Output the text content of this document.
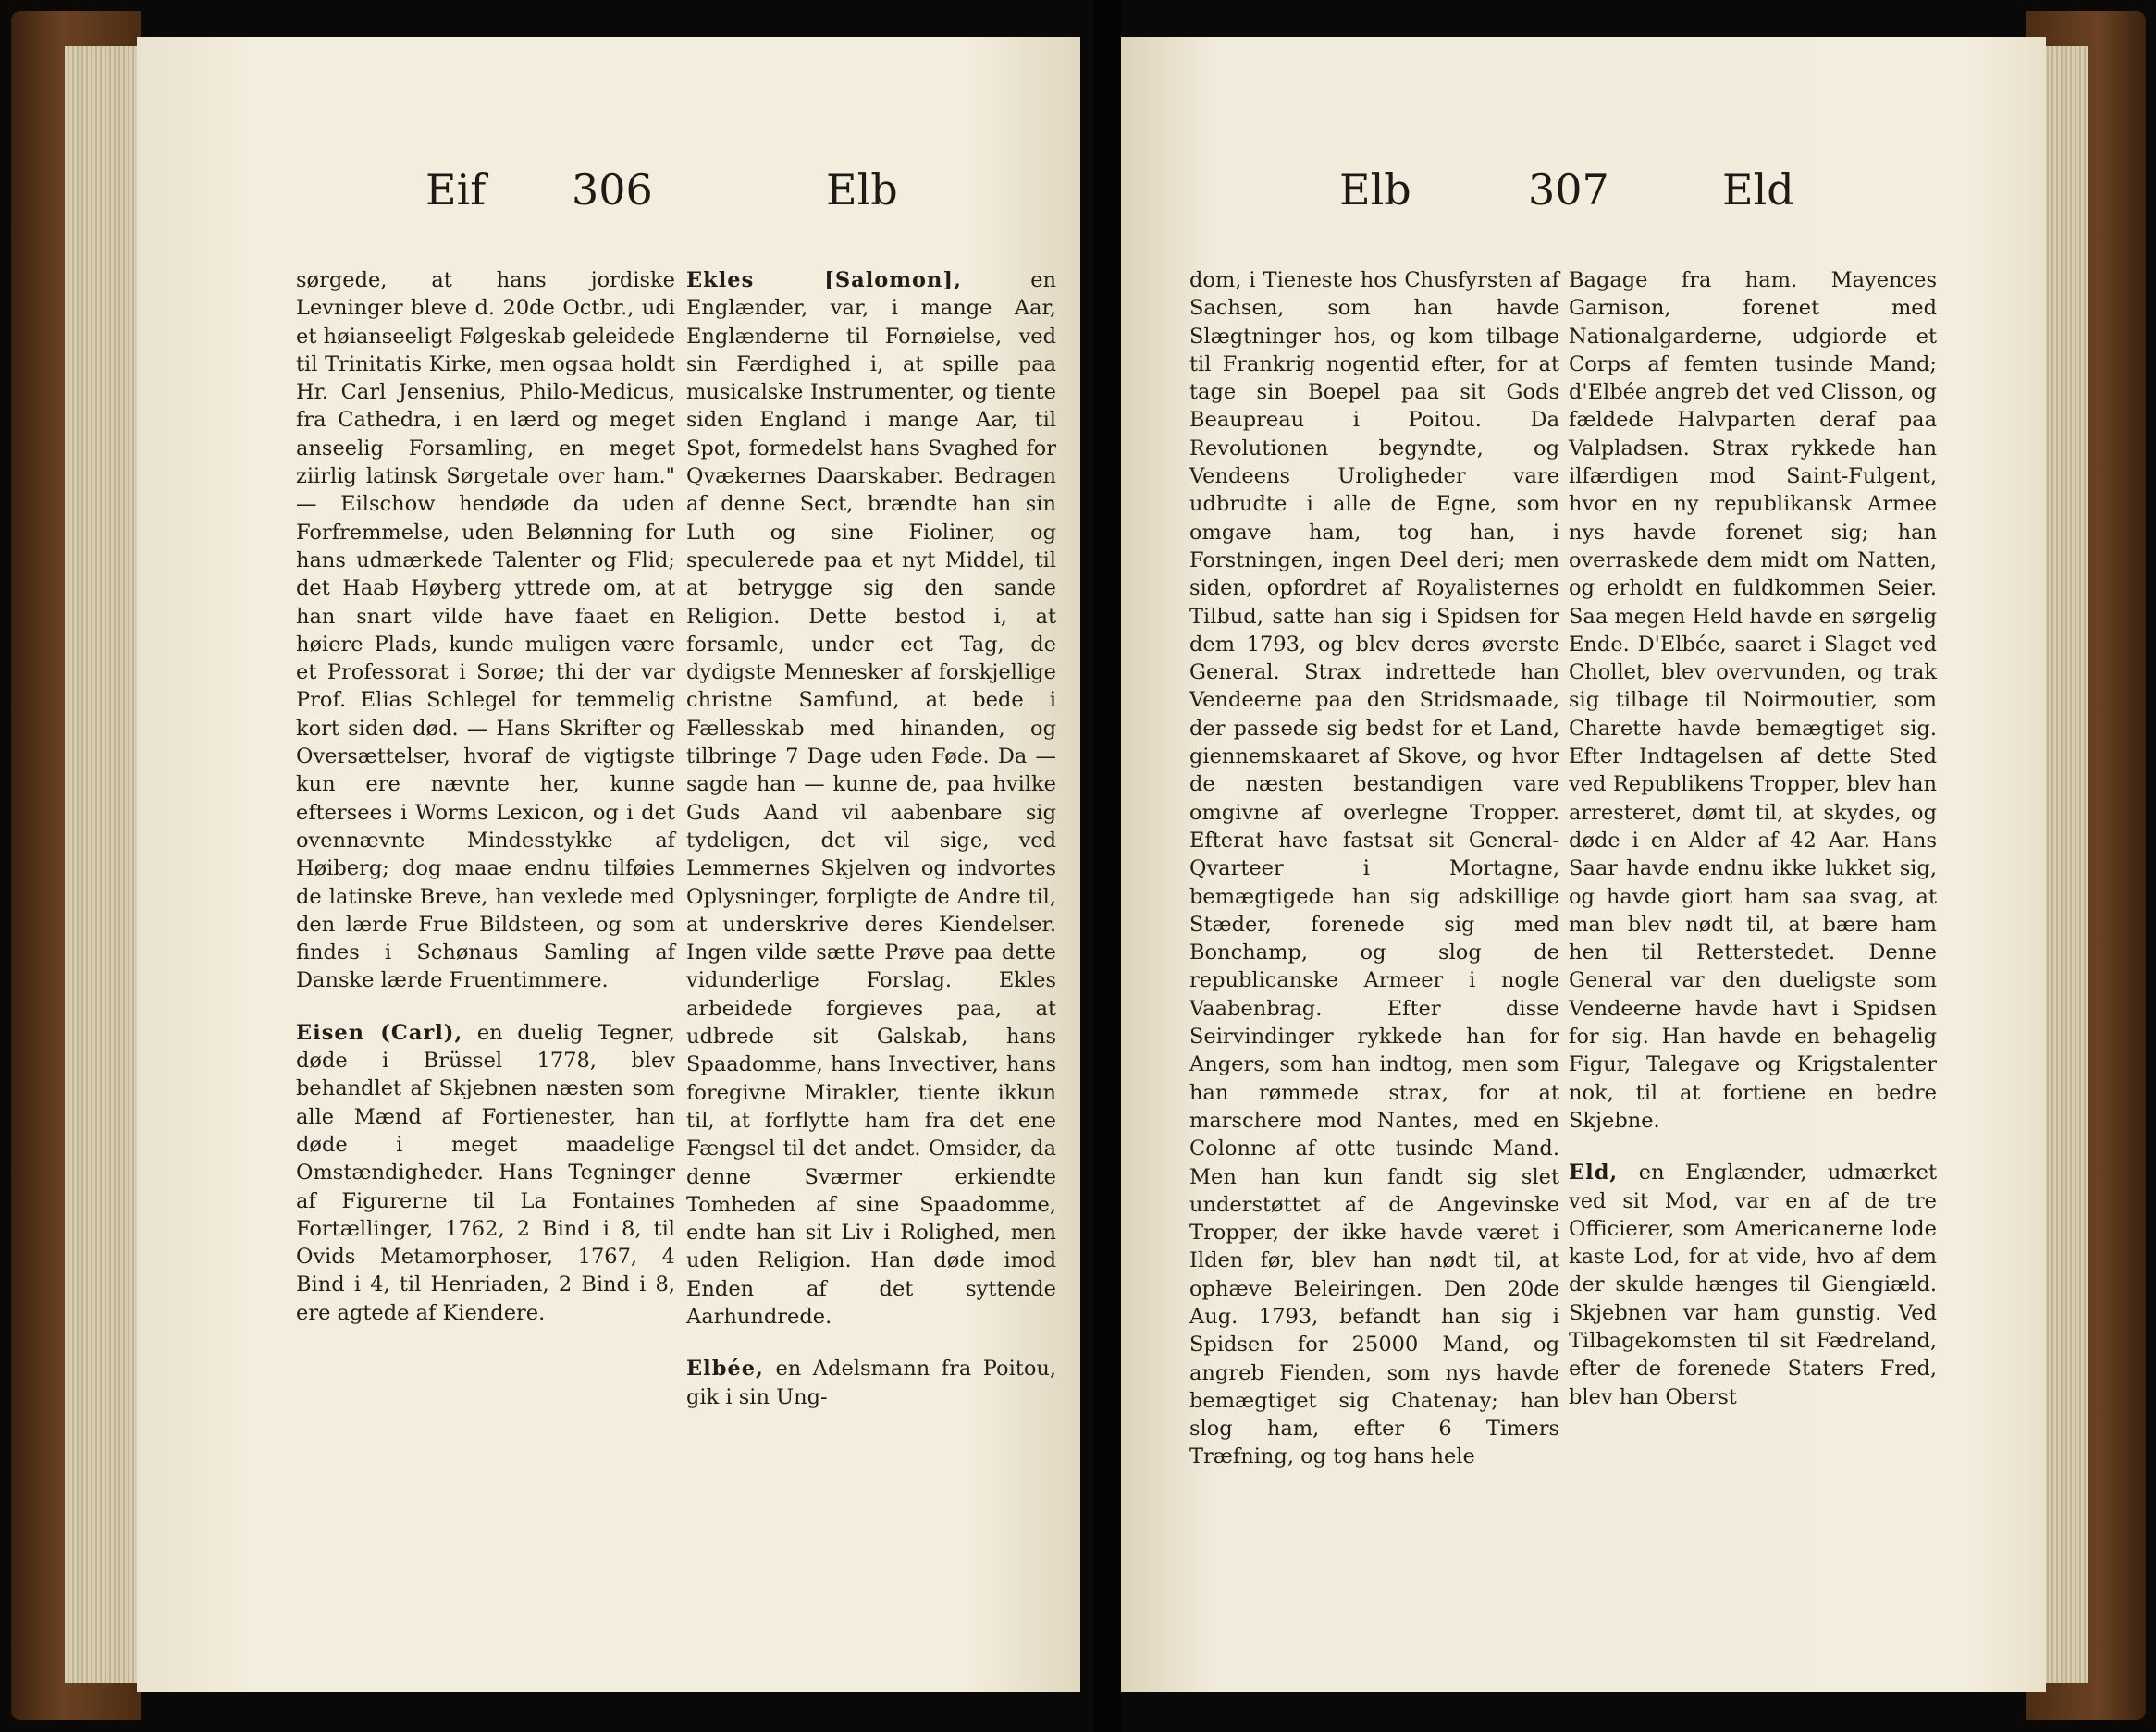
Eif 306	Elb

sørgede, at hans jordiske Levninger bleve d. 20de Octbr., udi et høianseeligt Følgeskab geleidede til Trinitatis Kirke, men ogsaa holdt Hr. Carl Jensenius, Philo-Medicus, fra Cathedra, i en lærd og meget anseelig Forsamling, en meget ziirlig latinsk Sørgetale over ham." — Eilschow hendøde da uden Forfremmelse, uden Belønning for hans udmærkede Talenter og Flid; det Haab Høyberg yttrede om, at han snart vilde have faaet en høiere Plads, kunde muligen være et Professorat i Sorøe; thi der var Prof. Elias Schlegel for temmelig kort siden død. — Hans Skrifter og Oversættelser, hvoraf de vigtigste kun ere nævnte her, kunne eftersees i Worms Lexicon, og i det ovennævnte Mindesstykke af Høiberg; dog maae endnu tilføies de latinske Breve, han vexlede med den lærde Frue Bildsteen, og som findes i Schønaus Samling af Danske lærde Fruentimmere.

Eisen (Carl), en duelig Tegner, døde i Brüssel 1778, blev behandlet af Skjebnen næsten som alle Mænd af Fortienester, han døde i meget maadelige Omstændigheder. Hans Tegninger af Figurerne til La Fontaines Fortællinger, 1762, 2 Bind i 8, til Ovids Metamorphoser, 1767, 4 Bind i 4, til Henriaden, 2 Bind i 8, ere agtede af Kiendere.

Ekles [Salomon],	en Englænder, var, i mange Aar, Englænderne til Fornøielse, ved sin Færdighed i, at spille paa musicalske Instrumenter, og tiente siden England i mange Aar, til Spot, formedelst hans Svaghed for Qvækernes Daarskaber. Bedragen af denne Sect, brændte han sin Luth og sine Fioliner, og speculerede paa et nyt Middel, til at betrygge sig den sande Religion. Dette bestod i, at forsamle, under eet Tag, de dydigste Mennesker af forskjellige christne Samfund, at bede i Fællesskab med hinanden, og tilbringe 7 Dage uden Føde. Da — sagde han — kunne de, paa hvilke Guds Aand vil aabenbare sig tydeligen, det vil sige, ved Lemmernes Skjelven og indvortes Oplysninger, forpligte de Andre til, at underskrive deres Kiendelser. Ingen vilde sætte Prøve paa dette vidunderlige Forslag. Ekles arbeidede forgieves paa, at udbrede sit Galskab, hans Spaadomme, hans Invectiver, hans foregivne Mirakler, tiente ikkun til, at forflytte ham fra det ene Fængsel til det andet. Omsider, da denne Sværmer erkiendte Tomheden af sine Spaadomme, endte han sit Liv i Rolighed, men uden Religion. Han døde imod Enden af det syttende Aarhundrede.

Elbée, en Adelsmann fra Poitou, gik i sin Ung-

Elb	307	Eld

dom, i Tieneste hos Chusfyrsten af Sachsen, som han havde Slægtninger hos, og kom tilbage til Frankrig nogentid efter, for at tage sin Boepel paa sit Gods Beaupreau i Poitou. Da Revolutionen begyndte, og Vendeens Uroligheder vare udbrudte i alle de Egne, som omgave ham, tog han, i Forstningen, ingen Deel deri; men siden, opfordret af Royalisternes Tilbud, satte han sig i Spidsen for dem 1793, og blev deres øverste General. Strax indrettede han Vendeerne paa den Stridsmaade, der passede sig bedst for et Land, giennemskaaret af Skove, og hvor de næsten bestandigen vare omgivne af overlegne Tropper. Efterat have fastsat sit General-Qvarteer i Mortagne, bemægtigede han sig adskillige Stæder, forenede sig med Bonchamp, og slog de republicanske Armeer i nogle Vaabenbrag. Efter disse Seirvindinger rykkede han for Angers, som han indtog, men som han rømmede strax, for at marschere mod Nantes, med en Colonne af otte tusinde Mand. Men han kun fandt sig slet understøttet af de Angevinske Tropper, der ikke havde været i Ilden før, blev han nødt til, at ophæve Beleiringen. Den 20de Aug. 1793, befandt han sig i Spidsen for 25000 Mand, og angreb Fienden, som nys havde bemægtiget sig Chatenay; han slog ham, efter 6 Timers Træfning, og tog hans hele

Bagage fra ham. Mayences Garnison, forenet med Nationalgarderne, udgiorde et Corps af femten tusinde Mand; d'Elbée angreb det ved Clisson, og fældede Halvparten deraf paa Valpladsen. Strax rykkede han ilfærdigen mod Saint-Fulgent, hvor en ny republikansk Armee nys havde forenet sig; han overraskede dem midt om Natten, og erholdt en fuldkommen Seier. Saa megen Held havde en sørgelig Ende. D'Elbée, saaret i Slaget ved Chollet, blev overvunden, og trak sig tilbage til Noirmoutier, som Charette havde bemægtiget sig. Efter Indtagelsen af dette Sted ved Republikens Tropper, blev han arresteret, dømt til, at skydes, og døde i en Alder af 42 Aar. Hans Saar havde endnu ikke lukket sig, og havde giort ham saa svag, at man blev nødt til, at bære ham hen til Retterstedet. Denne General var den dueligste som Vendeerne havde havt i Spidsen for sig. Han havde en behagelig Figur, Talegave og Krigstalenter nok, til at fortiene en bedre Skjebne.

Eld, en Englænder, udmærket ved sit Mod, var en af de tre Officierer, som Americanerne lode kaste Lod, for at vide, hvo af dem der skulde hænges til Giengiæld. Skjebnen var ham gunstig. Ved Tilbagekomsten til sit Fædreland, efter de forenede Staters Fred, blev han Oberst
